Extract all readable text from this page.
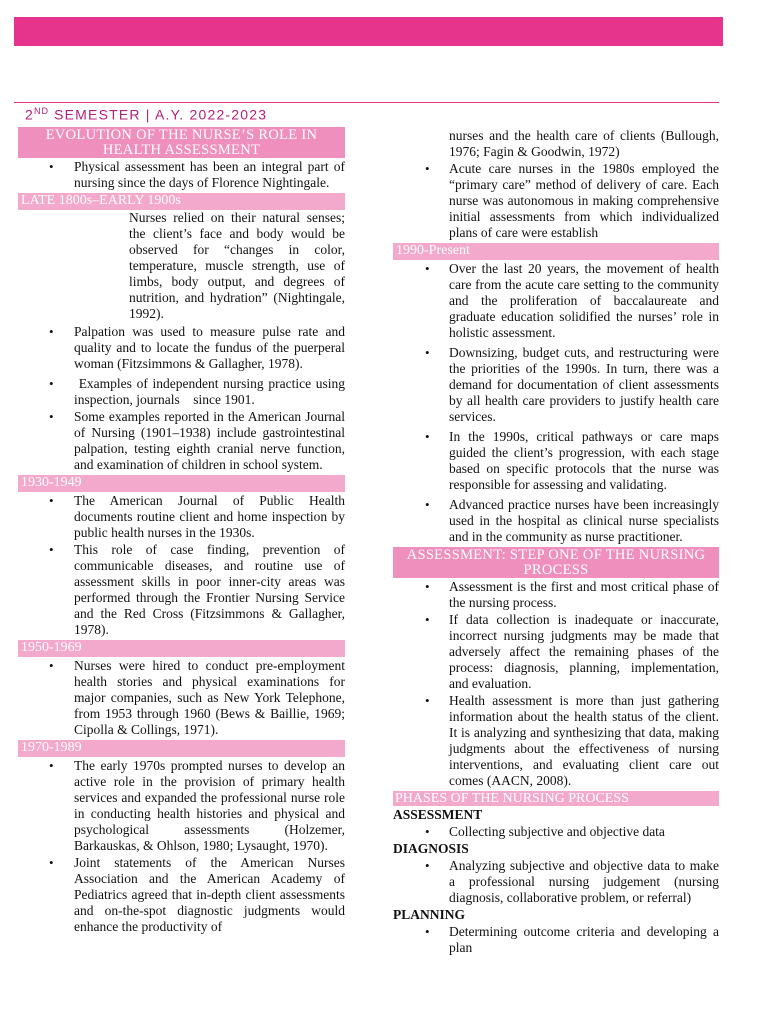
2ND SEMESTER | A.Y. 2022-2023
EVOLUTION OF THE NURSE’S ROLE IN HEALTH ASSESSMENT
• Physical assessment has been an integral part of nursing since the days of Florence Nightingale.
LATE 1800s–EARLY 1900s
Nurses relied on their natural senses; the client’s face and body would be observed for “changes in color, temperature, muscle strength, use of limbs, body output, and degrees of nutrition, and hydration” (Nightingale, 1992).
• Palpation was used to measure pulse rate and quality and to locate the fundus of the puerperal woman (Fitzsimmons & Gallagher, 1978).
• Examples of independent nursing practice using inspection, journals    since 1901.
• Some examples reported in the American Journal of Nursing (1901–1938) include gastrointestinal palpation, testing eighth cranial nerve function, and examination of children in school system.
1930-1949
• The American Journal of Public Health documents routine client and home inspection by public health nurses in the 1930s.
• This role of case finding, prevention of communicable diseases, and routine use of assessment skills in poor inner-city areas was performed through the Frontier Nursing Service and the Red Cross (Fitzsimmons & Gallagher, 1978).
1950-1969
• Nurses were hired to conduct pre-employment health stories and physical examinations for major companies, such as New York Telephone, from 1953 through 1960 (Bews & Baillie, 1969; Cipolla & Collings, 1971).
1970-1989
• The early 1970s prompted nurses to develop an active role in the provision of primary health services and expanded the professional nurse role in conducting health histories and physical and psychological assessments (Holzemer, Barkauskas, & Ohlson, 1980; Lysaught, 1970).
• Joint statements of the American Nurses Association and the American Academy of Pediatrics agreed that in-depth client assessments and on-the-spot diagnostic judgments would enhance the productivity of
nurses and the health care of clients (Bullough, 1976; Fagin & Goodwin, 1972)
• Acute care nurses in the 1980s employed the “primary care” method of delivery of care. Each nurse was autonomous in making comprehensive initial assessments from which individualized plans of care were establish
1990-Present
• Over the last 20 years, the movement of health care from the acute care setting to the community and the proliferation of baccalaureate and graduate education solidified the nurses’ role in holistic assessment.
• Downsizing, budget cuts, and restructuring were the priorities of the 1990s. In turn, there was a demand for documentation of client assessments by all health care providers to justify health care services.
• In the 1990s, critical pathways or care maps guided the client’s progression, with each stage based on specific protocols that the nurse was responsible for assessing and validating.
• Advanced practice nurses have been increasingly used in the hospital as clinical nurse specialists and in the community as nurse practitioner.
ASSESSMENT: STEP ONE OF THE NURSING PROCESS
• Assessment is the first and most critical phase of the nursing process.
• If data collection is inadequate or inaccurate, incorrect nursing judgments may be made that adversely affect the remaining phases of the process: diagnosis, planning, implementation, and evaluation.
• Health assessment is more than just gathering information about the health status of the client. It is analyzing and synthesizing that data, making judgments about the effectiveness of nursing interventions, and evaluating client care out comes (AACN, 2008).
PHASES OF THE NURSING PROCESS
ASSESSMENT
• Collecting subjective and objective data
DIAGNOSIS
• Analyzing subjective and objective data to make a professional nursing judgement (nursing diagnosis, collaborative problem, or referral)
PLANNING
• Determining outcome criteria and developing a plan
